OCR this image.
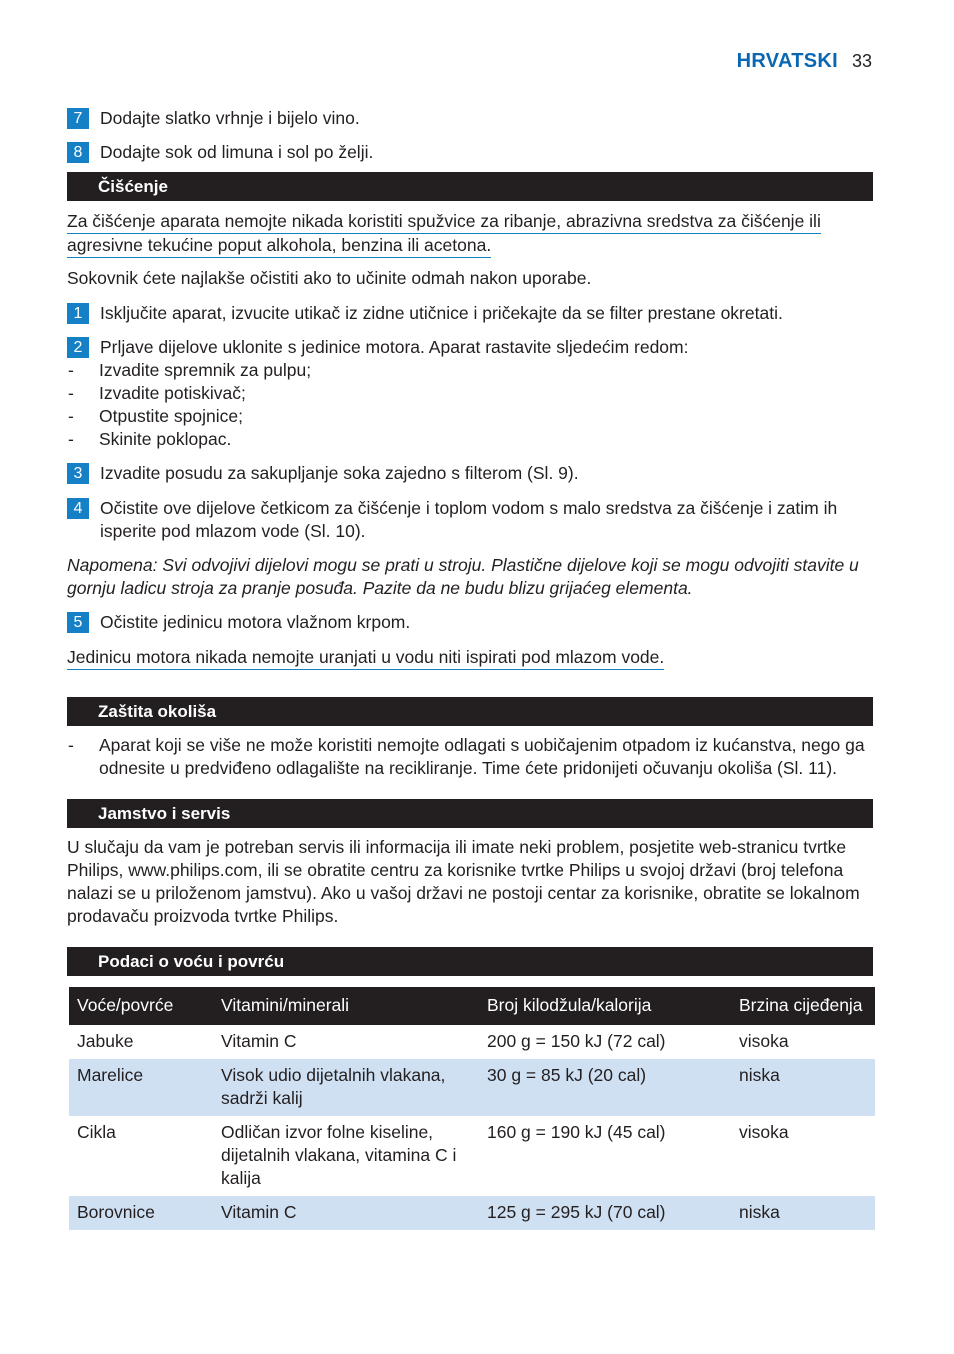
HRVATSKI 33
7	Dodajte slatko vrhnje i bijelo vino.
8	Dodajte sok od limuna i sol po želji.
Čišćenje
Za čišćenje aparata nemojte nikada koristiti spužvice za ribanje, abrazivna sredstva za čišćenje ili agresivne tekućine poput alkohola, benzina ili acetona.
Sokovnik ćete najlakše očistiti ako to učinite odmah nakon uporabe.
1	Isključite aparat, izvucite utikač iz zidne utičnice i pričekajte da se filter prestane okretati.
2	Prljave dijelove uklonite s jedinice motora. Aparat rastavite sljedećim redom:
- Izvadite spremnik za pulpu;
- Izvadite potiskivač;
- Otpustite spojnice;
- Skinite poklopac.
3	Izvadite posudu za sakupljanje soka zajedno s filterom (Sl. 9).
4	Očistite ove dijelove četkicom za čišćenje i toplom vodom s malo sredstva za čišćenje i zatim ih isperite pod mlazom vode (Sl. 10).
Napomena: Svi odvojivi dijelovi mogu se prati u stroju. Plastične dijelove koji se mogu odvojiti stavite u gornju ladicu stroja za pranje posuđa. Pazite da ne budu blizu grijaćeg elementa.
5	Očistite jedinicu motora vlažnom krpom.
Jedinicu motora nikada nemojte uranjati u vodu niti ispirati pod mlazom vode.
Zaštita okoliša
- Aparat koji se više ne može koristiti nemojte odlagati s uobičajenim otpadom iz kućanstva, nego ga odnesite u predviđeno odlagalište na recikliranje. Time ćete pridonijeti očuvanju okoliša (Sl. 11).
Jamstvo i servis
U slučaju da vam je potreban servis ili informacija ili imate neki problem, posjetite web-stranicu tvrtke Philips, www.philips.com, ili se obratite centru za korisnike tvrtke Philips u svojoj državi (broj telefona nalazi se u priloženom jamstvu). Ako u vašoj državi ne postoji centar za korisnike, obratite se lokalnom prodavaču proizvoda tvrtke Philips.
Podaci o voću i povrću
Voće/povrće	Vitamini/minerali	Broj kilodžula/kalorija	Brzina cijeđenja
Jabuke	Vitamin C	200 g = 150 kJ (72 cal)	visoka
Marelice	Visok udio dijetalnih vlakana, sadrži kalij	30 g = 85 kJ (20 cal)	niska
Cikla	Odličan izvor folne kiseline, dijetalnih vlakana, vitamina C i kalija	160 g = 190 kJ (45 cal)	visoka
Borovnice	Vitamin C	125 g = 295 kJ (70 cal)	niska
